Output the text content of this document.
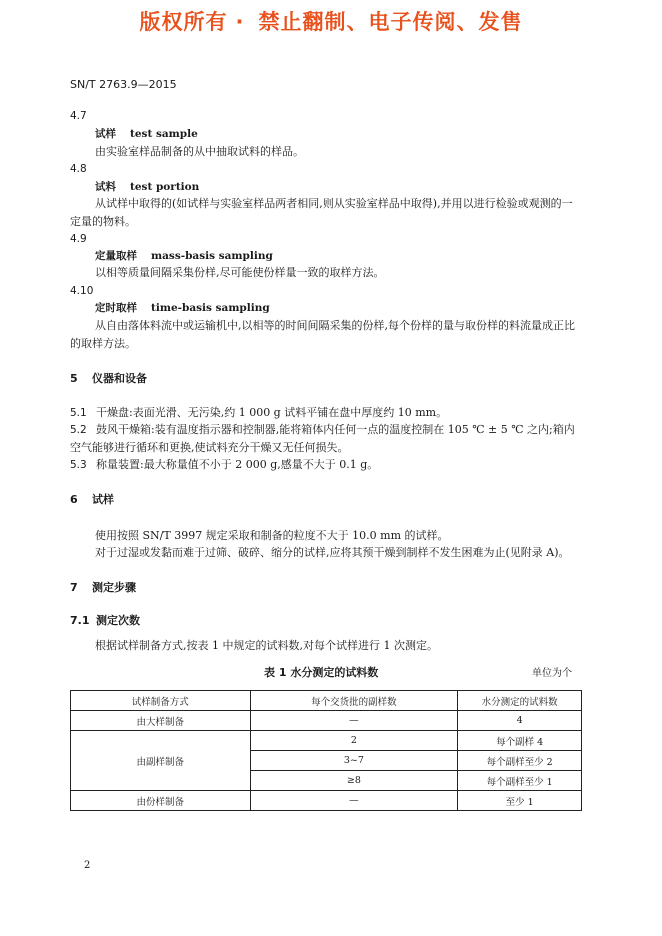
版权所有 · 禁止翻制、电子传阅、发售
SN/T 2763.9—2015
4.7
试样 test sample
由实验室样品制备的从中抽取试料的样品。
4.8
试料 test portion
从试样中取得的(如试样与实验室样品两者相同,则从实验室样品中取得),并用以进行检验或观测的一定量的物料。
4.9
定量取样 mass-basis sampling
以相等质量间隔采集份样,尽可能使份样量一致的取样方法。
4.10
定时取样 time-basis sampling
从自由落体料流中或运输机中,以相等的时间间隔采集的份样,每个份样的量与取份样的料流量成正比的取样方法。
5 仪器和设备
5.1 干燥盘:表面光滑、无污染,约 1 000 g 试料平铺在盘中厚度约 10 mm。
5.2 鼓风干燥箱:装有温度指示器和控制器,能将箱体内任何一点的温度控制在 105 ℃ ± 5 ℃ 之内;箱内空气能够进行循环和更换,使试料充分干燥又无任何损失。
5.3 称量装置:最大称量值不小于 2 000 g,感量不大于 0.1 g。
6 试样
使用按照 SN/T 3997 规定采取和制备的粒度不大于 10.0 mm 的试样。
对于过湿或发黏而难于过筛、破碎、缩分的试样,应将其预干燥到制样不发生困难为止(见附录 A)。
7 测定步骤
7.1 测定次数
根据试样制备方式,按表 1 中规定的试料数,对每个试样进行 1 次测定。
表 1 水分测定的试料数	单位为个
试样制备方式	每个交货批的副样数	水分测定的试料数
由大样制备	—	4
由副样制备	2	每个副样 4
	3~7	每个副样至少 2
	≥8	每个副样至少 1
由份样制备	—	至少 1
2
